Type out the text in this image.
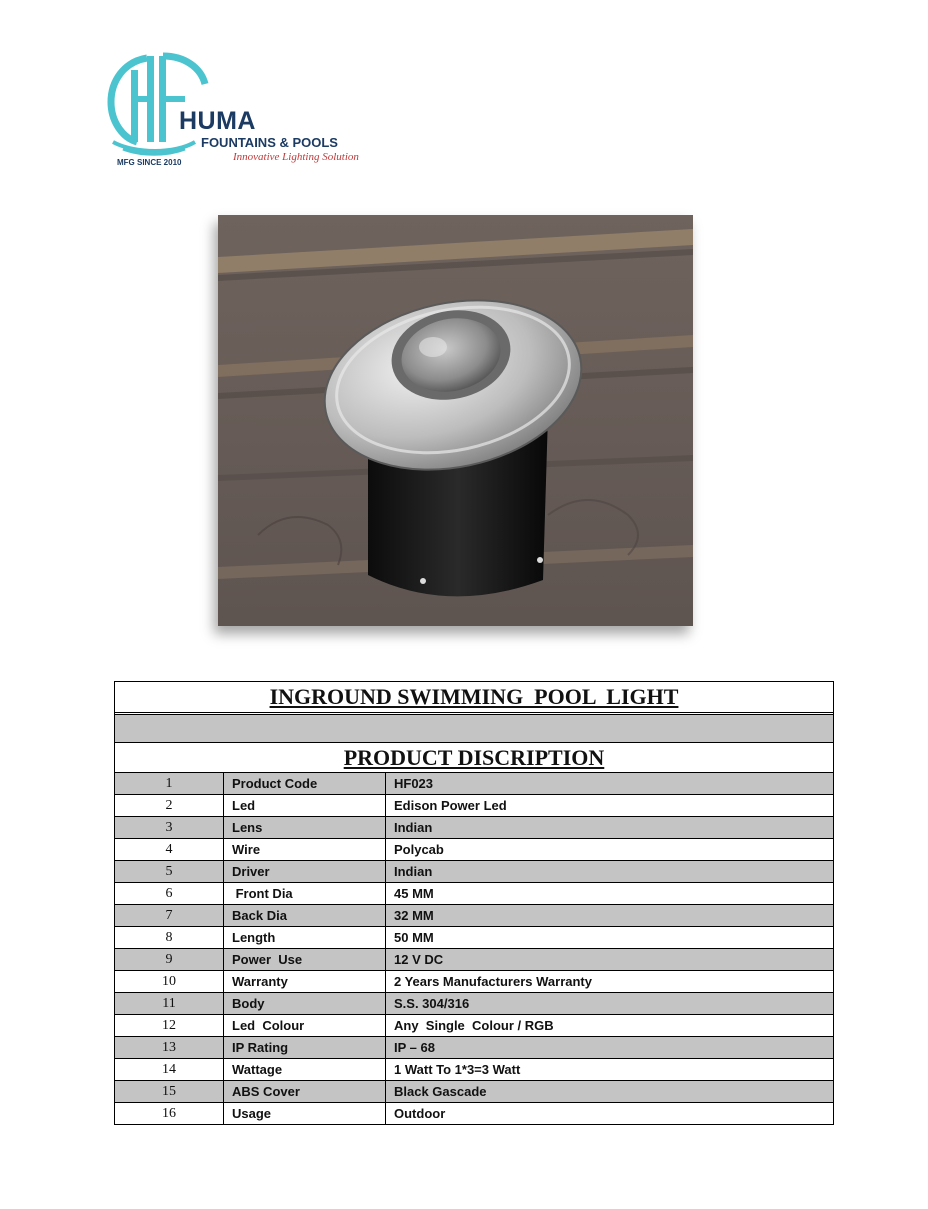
HUMA
FOUNTAINS & POOLS
Innovative Lighting Solution
MFG SINCE 2010
INGROUND SWIMMING  POOL  LIGHT
PRODUCT DISCRIPTION
1	Product Code	HF023
2	Led	Edison Power Led
3	Lens	Indian
4	Wire	Polycab
5	Driver	Indian
6	Front Dia	45 MM
7	Back Dia	32 MM
8	Length	50 MM
9	Power  Use	12 V DC
10	Warranty	2 Years Manufacturers Warranty
11	Body	S.S. 304/316
12	Led  Colour	Any  Single  Colour / RGB
13	IP Rating	IP – 68
14	Wattage	1 Watt To 1*3=3 Watt
15	ABS Cover	Black Gascade
16	Usage	Outdoor
